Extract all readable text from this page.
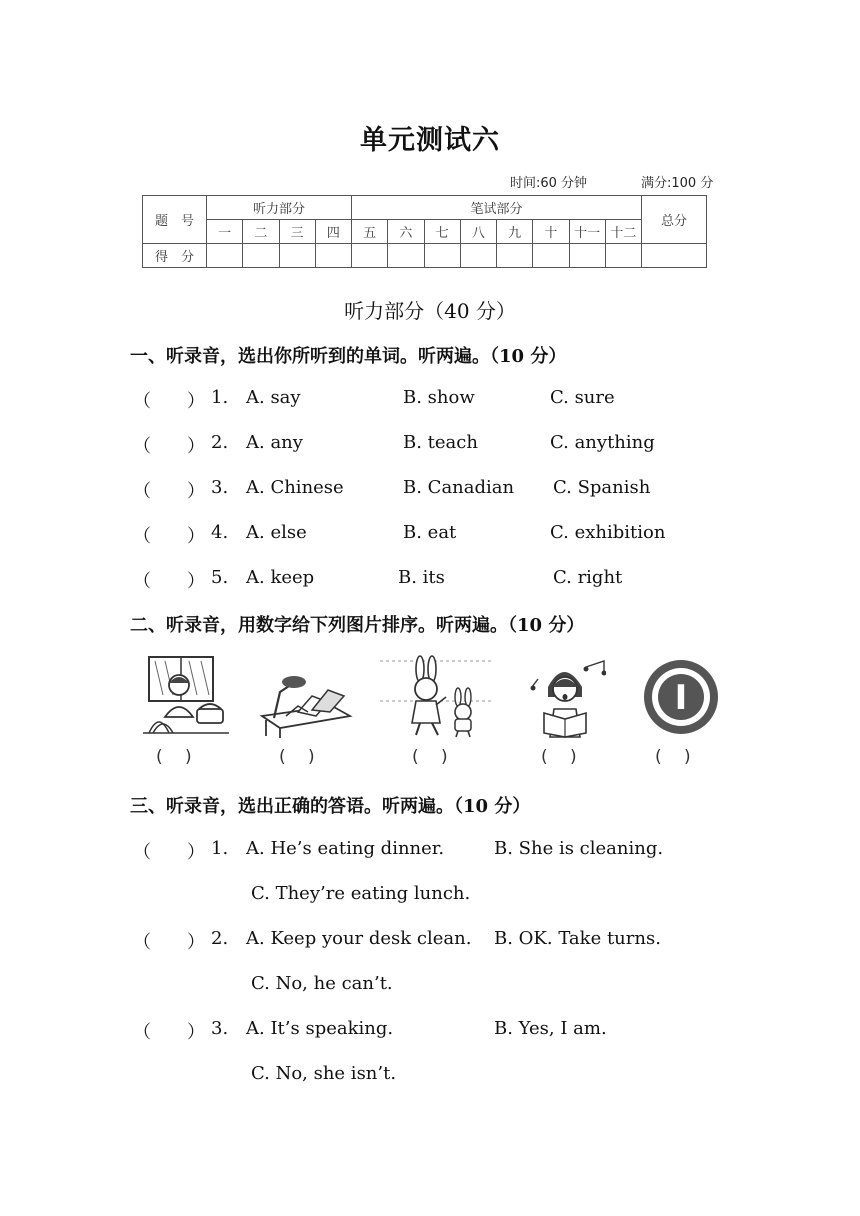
单元测试六
时间:60 分钟	满分:100 分
题　号	听力部分				笔试部分								总分
	一	二	三	四	五	六	七	八	九	十	十一	十二	
得　分													
听力部分（40 分）
一、听录音，选出你所听到的单词。听两遍。（10 分）
（　　） 1. A. say	B. show	C. sure
（　　） 2. A. any	B. teach	C. anything
（　　） 3. A. Chinese	B. Canadian C. Spanish
（　　） 4. A. else	B. eat	C. exhibition
（　　） 5. A. keep	B. its	C. right
二、听录音，用数字给下列图片排序。听两遍。（10 分）
I
(　 )	(　 )	(　 )	(　 )	(　 )
三、听录音，选出正确的答语。听两遍。（10 分）
（　　） 1. A. He’s eating dinner.	B. She is cleaning.
C. They’re eating lunch.
（　　） 2. A. Keep your desk clean. B. OK. Take turns.
C. No, he can’t.
（　　） 3. A. It’s speaking.	B. Yes, I am.
C. No, she isn’t.
